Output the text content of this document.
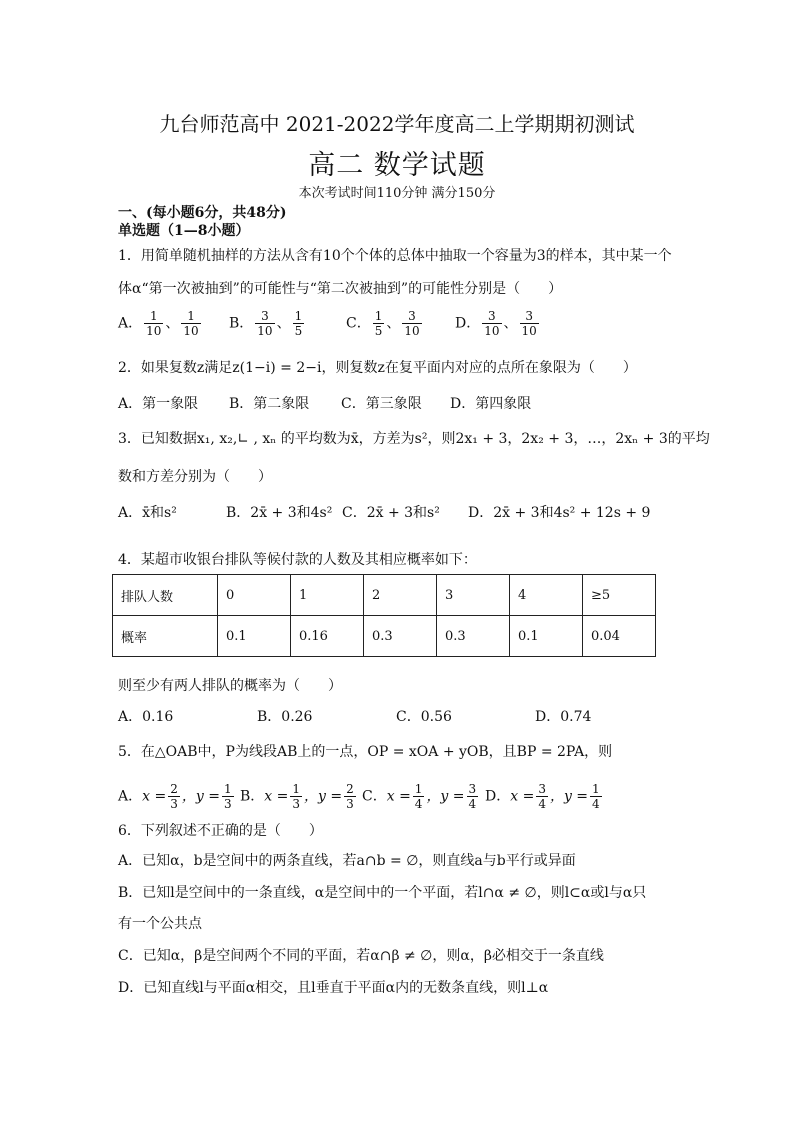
九台师范高中 2021-2022学年度高二上学期期初测试
高二 数学试题
本次考试时间110分钟 满分150分
一、(每小题6分，共48分)
单选题（1—8小题）
1．用简单随机抽样的方法从含有10个个体的总体中抽取一个容量为3的样本，其中某一个
体α“第一次被抽到”的可能性与“第二次被抽到”的可能性分别是（　　）
A． $\frac{1}{10}$ 、 $\frac{1}{10}$ B． $\frac{3}{10}$ 、 $\frac{1}{5}$	C． $\frac{1}{5}$ 、 $\frac{3}{10}$ D． $\frac{3}{10}$ 、 $\frac{3}{10}$
2．如果复数z满足z(1−i) = 2−i，则复数z在复平面内对应的点所在象限为（　　）
A．第一象限 B．第二象限 C．第三象限 D．第四象限
3．已知数据x₁, x₂,∟ , xₙ 的平均数为x̄，方差为s²，则2x₁ + 3，2x₂ + 3，…，2xₙ + 3的平均
数和方差分别为（　　）
A．x̄和s²	B．2x̄ + 3和4s² C．2x̄ + 3和s² D．2x̄ + 3和4s² + 12s + 9
4．某超市收银台排队等候付款的人数及其相应概率如下：
排队人数	0	1	2	3	4	≥5
概率	0.1	0.16	0.3	0.3	0.1	0.04
则至少有两人排队的概率为（　　）
A．0.16	B．0.26	C．0.56	D．0.74
5．在△OAB中，P为线段AB上的一点，OP = xOA + yOB，且BP = 2PA，则
A．$x = \frac{2}{3}$ ，$y = \frac{1}{3}$ B．$x = \frac{1}{3}$ ，$y = \frac{2}{3}$ C．$x = \frac{1}{4}$ ，$y = \frac{3}{4}$ D．$x = \frac{3}{4}$ ，$y = \frac{1}{4}$
6．下列叙述不正确的是（　　）
A．已知α，b是空间中的两条直线，若a∩b = ∅，则直线a与b平行或异面
B．已知l是空间中的一条直线，α是空间中的一个平面，若l∩α ≠ ∅，则l⊂α或l与α只
有一个公共点
C．已知α，β是空间两个不同的平面，若α∩β ≠ ∅，则α，β必相交于一条直线
D．已知直线l与平面α相交，且l垂直于平面α内的无数条直线，则l⊥α
